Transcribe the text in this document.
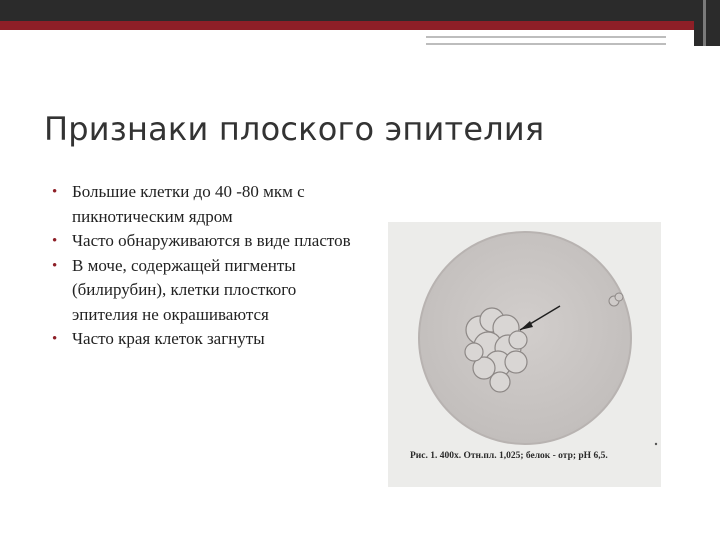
Признаки плоского эпителия
• Большие клетки до 40 -80 мкм с пикнотическим ядром
• Часто обнаруживаются в виде пластов
• В моче, содержащей пигменты (билирубин), клетки плосткого эпителия не окрашиваются
• Часто края клеток загнуты
Рис. 1. 400x. Отн.пл. 1,025; белок - отр; pH 6,5.
